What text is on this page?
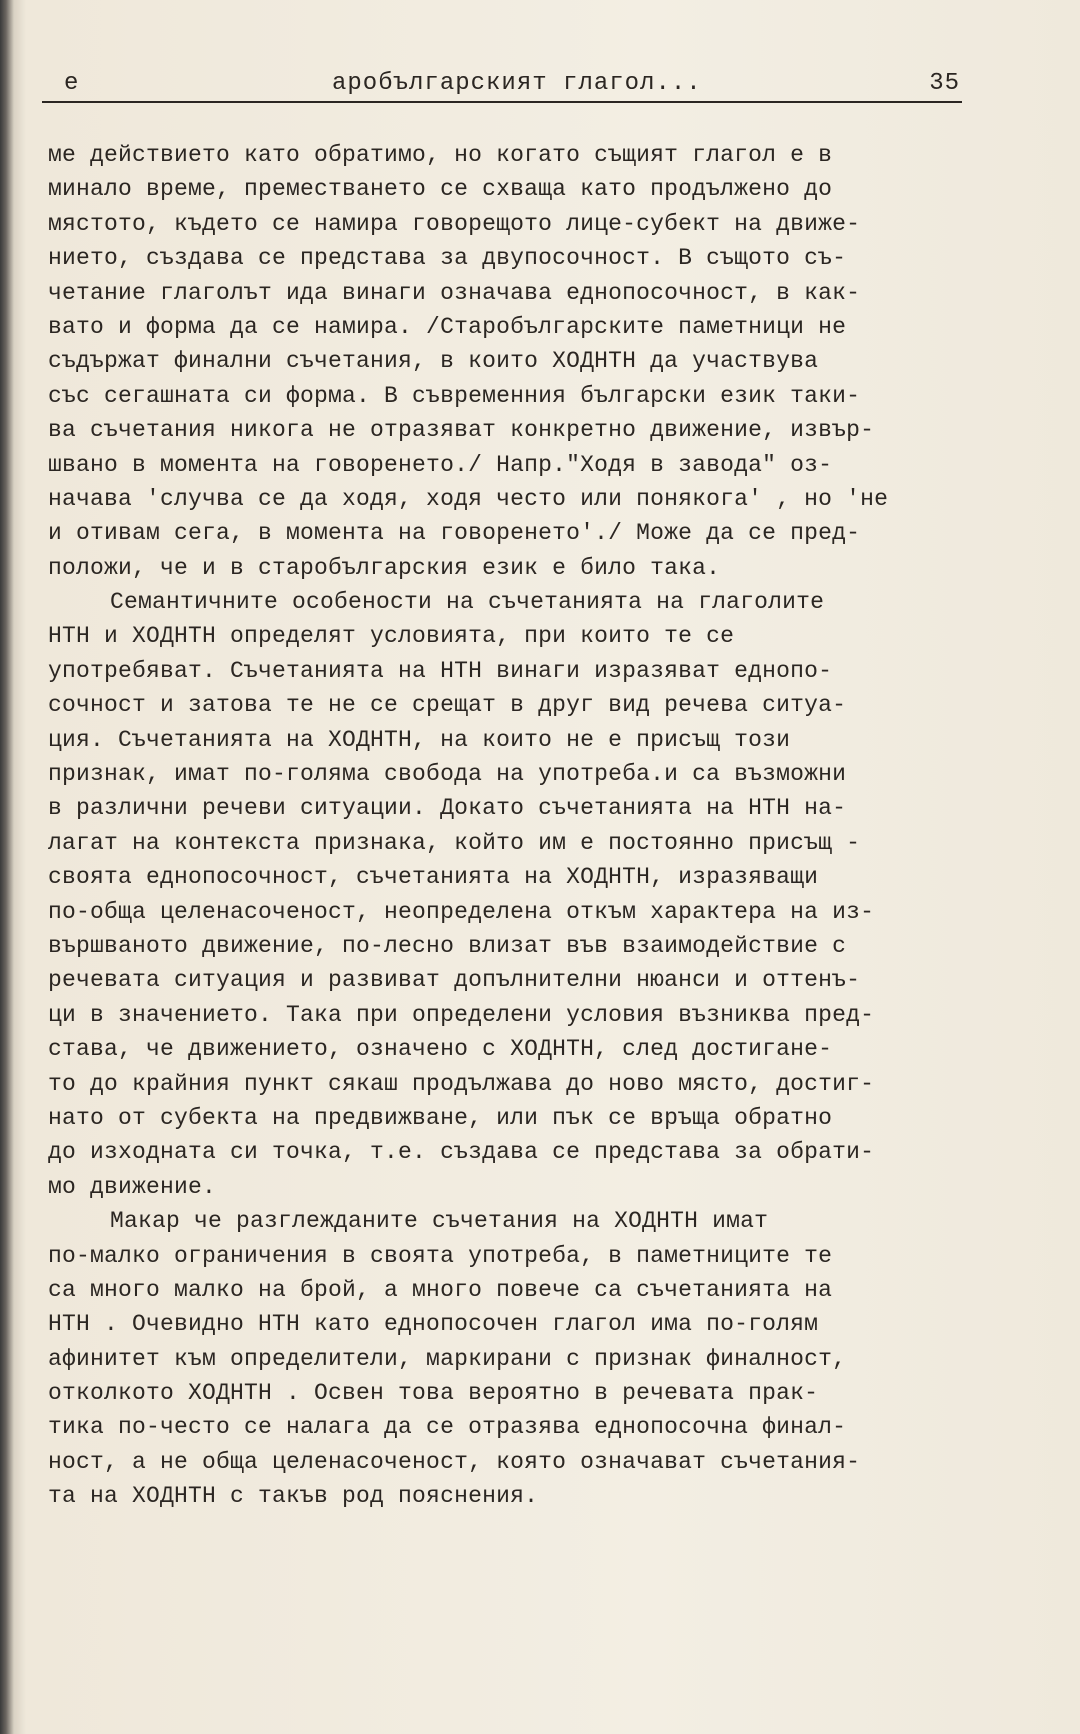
е	аробългарският глагол...	35
ме действието като обратимо, но когато същият глагол е в
минало време, преместването се схваща като продължено до
мястото, където се намира говорещото лице-субект на движе-
нието, създава се представа за двупосочност. В същото съ-
четание глаголът ида винаги означава еднопосочност, в как-
вато и форма да се намира. /Старобългарските паметници не
съдържат финални съчетания, в които ХОДНТН да участвува
със сегашната си форма. В съвременния български език таки-
ва съчетания никога не отразяват конкретно движение, извър-
швано в момента на говоренето./ Напр."Ходя в завода" оз-
начава 'случва се да ходя, ходя често или понякога' , но 'не
и отивам сега, в момента на говоренето'./ Може да се пред-
положи, че и в старобългарския език е било така.
Семантичните особености на съчетанията на глаголите
НТН и ХОДНТН определят условията, при които те се
употребяват. Съчетанията на НТН винаги изразяват еднопо-
сочност и затова те не се срещат в друг вид речева ситуа-
ция. Съчетанията на ХОДНТН, на които не е присъщ този
признак, имат по-голяма свобода на употреба.и са възможни
в различни речеви ситуации. Докато съчетанията на НТН на-
лагат на контекста признака, който им е постоянно присъщ -
своята еднопосочност, съчетанията на ХОДНТН, изразяващи
по-обща целенасоченост, неопределена откъм характера на из-
вършваното движение, по-лесно влизат във взаимодействие с
речевата ситуация и развиват допълнителни нюанси и оттенъ-
ци в значението. Така при определени условия възниква пред-
става, че движението, означено с ХОДНТН, след достигане-
то до крайния пункт сякаш продължава до ново място, достиг-
нато от субекта на предвижване, или пък се връща обратно
до изходната си точка, т.е. създава се представа за обрати-
мо движение.
Макар че разглежданите съчетания на ХОДНТН имат
по-малко ограничения в своята употреба, в паметниците те
са много малко на брой, а много повече са съчетанията на
НТН . Очевидно НТН като еднопосочен глагол има по-голям
афинитет към определители, маркирани с признак финалност,
отколкото ХОДНТН . Освен това вероятно в речевата прак-
тика по-често се налага да се отразява еднопосочна финал-
ност, а не обща целенасоченост, която означават съчетания-
та на ХОДНТН с такъв род пояснения.
